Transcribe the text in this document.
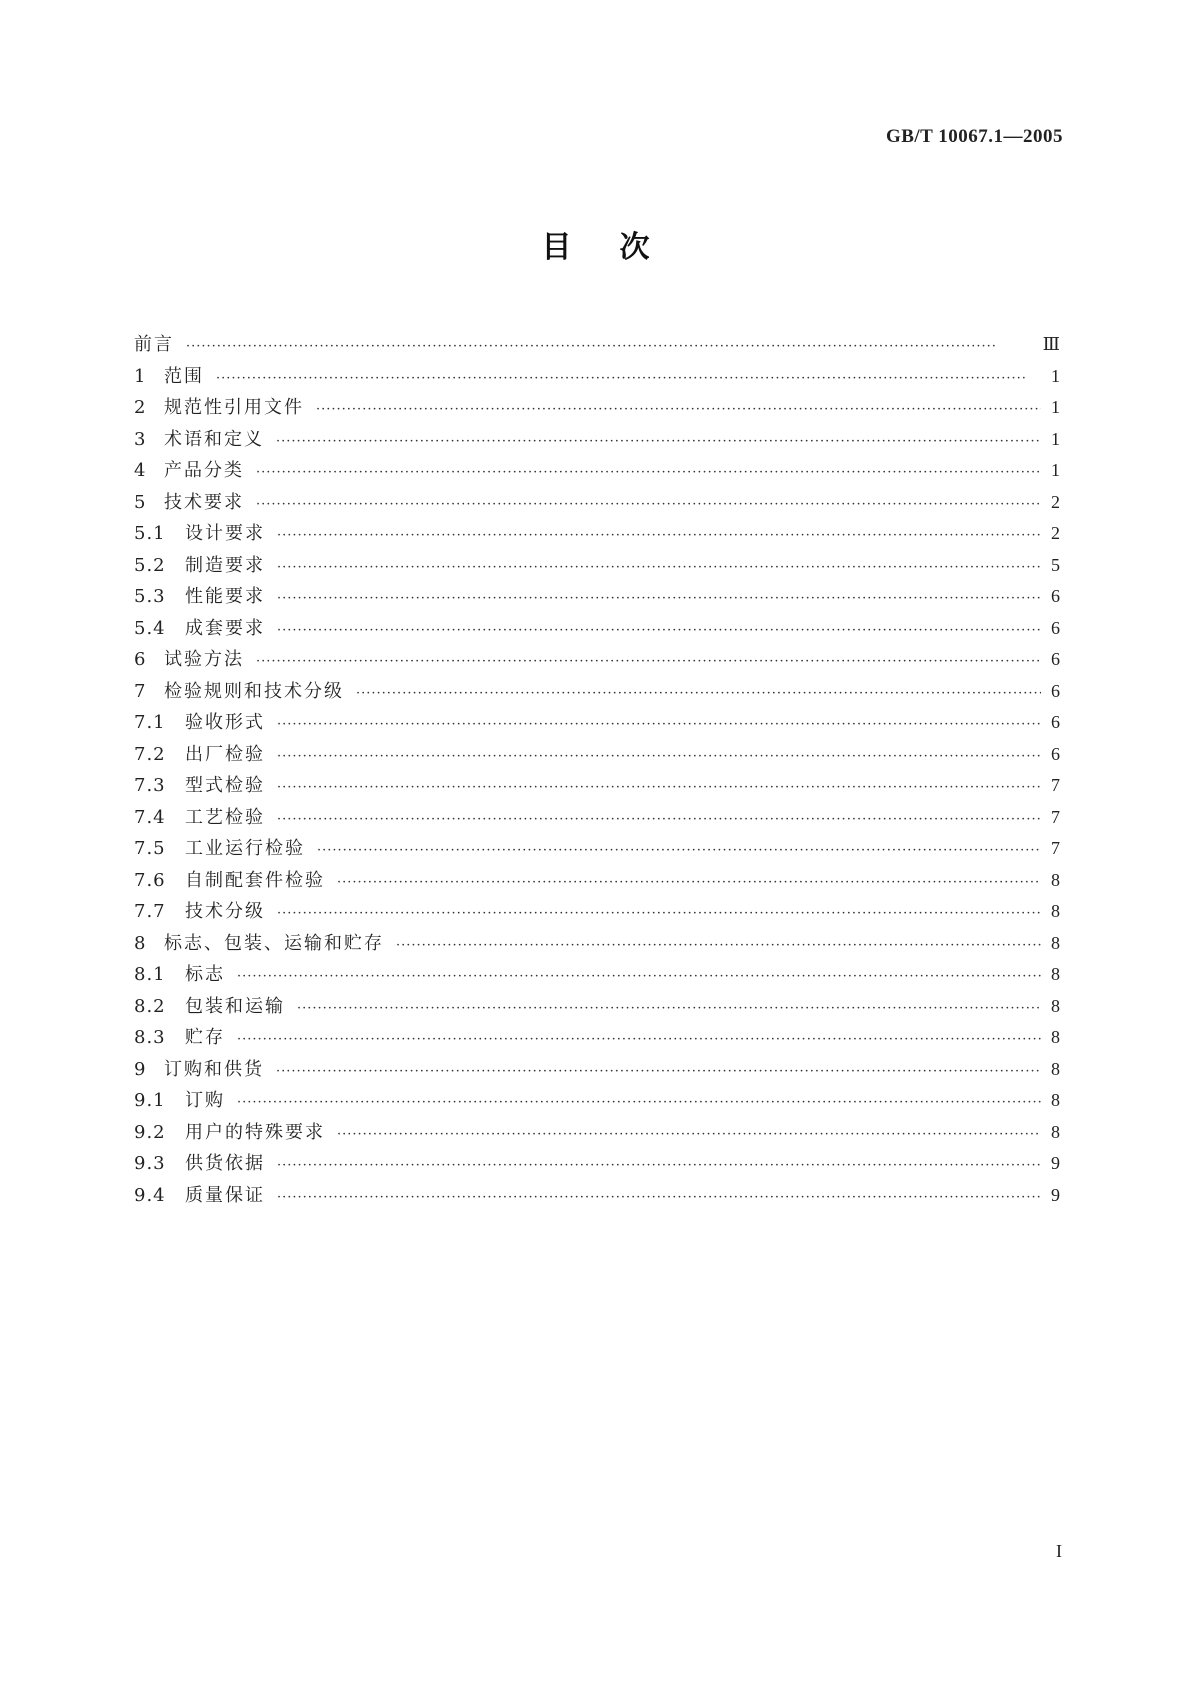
GB/T 10067.1—2005
目次
前言 ·····	Ⅲ
1 范围 ·····	1
2 规范性引用文件 ·····	1
3 术语和定义 ·····	1
4 产品分类 ·····	1
5 技术要求 ·····	2
5.1	设计要求 ·····	2
5.2	制造要求 ·····	5
5.3	性能要求 ·····	6
5.4	成套要求 ·····	6
6 试验方法 ·····	6
7 检验规则和技术分级 ·····	6
7.1	验收形式 ·····	6
7.2	出厂检验 ·····	6
7.3	型式检验 ·····	7
7.4	工艺检验 ·····	7
7.5	工业运行检验 ·····	7
7.6	自制配套件检验 ·····	8
7.7	技术分级 ·····	8
8 标志、包装、运输和贮存 ·····	8
8.1	标志 ·····	8
8.2	包装和运输 ·····	8
8.3	贮存 ·····	8
9 订购和供货 ·····	8
9.1	订购 ·····	8
9.2	用户的特殊要求 ·····	8
9.3	供货依据 ·····	9
9.4	质量保证 ·····	9
I
